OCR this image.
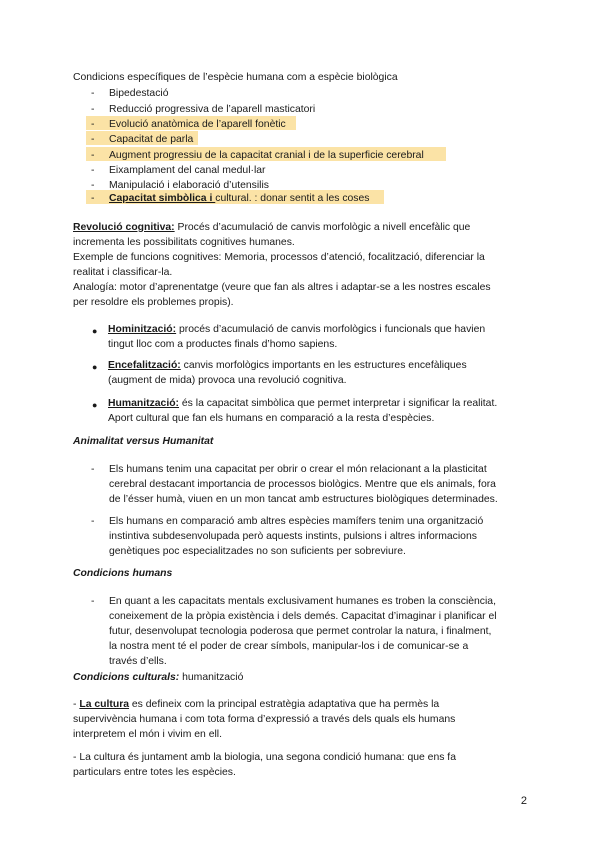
Condicions específiques de l’espècie humana com a espècie biològica
- Bipedestació
- Reducció progressiva de l’aparell masticatori
- Evolució anatòmica de l’aparell fonètic
- Capacitat de parla
- Augment progressiu de la capacitat cranial i de la superficie cerebral
- Eixamplament del canal medul·lar
- Manipulació i elaboració d’utensilis
- Capacitat simbòlica i cultural. : donar sentit a les coses
Revolució cognitiva: Procés d’acumulació de canvis morfològic a nivell encefàlic que
incrementa les possibilitats cognitives humanes.
Exemple de funcions cognitives: Memoria, processos d’atenció, focalització, diferenciar la
realitat i classificar-la.
Analogía: motor d’aprenentatge (veure que fan als altres i adaptar-se a les nostres escales
per resoldre els problemes propis).
● Hominització: procés d’acumulació de canvis morfològics i funcionals que havien
tingut lloc com a productes finals d’homo sapiens.
● Encefalització: canvis morfològics importants en les estructures encefàliques
(augment de mida) provoca una revolució cognitiva.
● Humanització: és la capacitat simbòlica que permet interpretar i significar la realitat.
Aport cultural que fan els humans en comparació a la resta d’espècies.
Animalitat versus Humanitat
- Els humans tenim una capacitat per obrir o crear el món relacionant a la plasticitat
cerebral destacant importancia de processos biològics. Mentre que els animals, fora
de l’ésser humà, viuen en un mon tancat amb estructures biològiques determinades.
- Els humans en comparació amb altres espècies mamífers tenim una organització
instintiva subdesenvolupada però aquests instints, pulsions i altres informacions
genètiques poc especialitzades no son suficients per sobreviure.
Condicions humans
- En quant a les capacitats mentals exclusivament humanes es troben la consciència,
coneixement de la pròpia existència i dels demés. Capacitat d’imaginar i planificar el
futur, desenvolupat tecnologia poderosa que permet controlar la natura, i finalment,
la nostra ment té el poder de crear símbols, manipular-los i de comunicar-se a
través d’ells.
Condicions culturals: humanització
- La cultura es defineix com la principal estratègia adaptativa que ha permès la
supervivència humana i com tota forma d’expressió a través dels quals els humans
interpretem el món i vivim en ell.
- La cultura és juntament amb la biologia, una segona condició humana: que ens fa
particulars entre totes les espècies.
2
